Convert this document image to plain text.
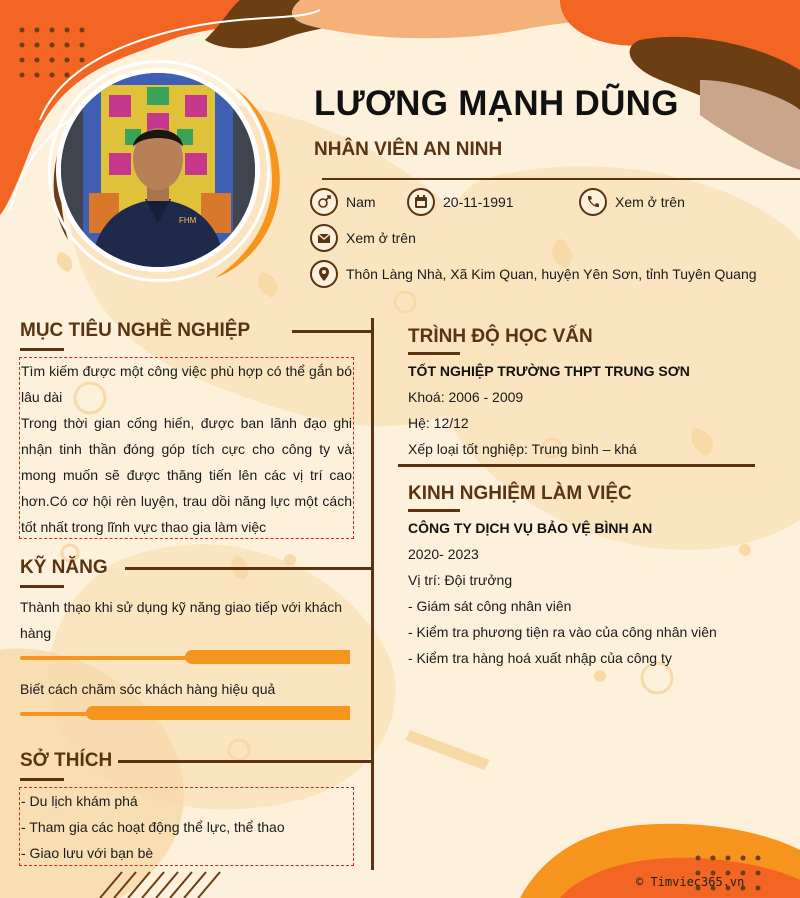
FHM
LƯƠNG MẠNH DŨNG
NHÂN VIÊN AN NINH
Nam	20-11-1991	Xem ở trên
Xem ở trên
Thôn Làng Nhà, Xã Kim Quan, huyện Yên Sơn, tỉnh Tuyên Quang
MỤC TIÊU NGHỀ NGHIỆP
Tìm kiếm được một công việc phù hợp có thể gắn bó lâu dài
Trong thời gian cống hiến, được ban lãnh đạo ghi nhận tinh thần đóng góp tích cực cho công ty và mong muốn sẽ được thăng tiến lên các vị trí cao hơn.Có cơ hội rèn luyện, trau dồi năng lực một cách tốt nhất trong lĩnh vực thao gia làm việc
KỸ NĂNG
Thành thạo khi sử dụng kỹ năng giao tiếp với khách hàng
Biết cách chăm sóc khách hàng hiệu quả
SỞ THÍCH
- Du lịch khám phá
- Tham gia các hoạt động thể lực, thể thao
- Giao lưu với bạn bè
TRÌNH ĐỘ HỌC VẤN
TỐT NGHIỆP TRƯỜNG THPT TRUNG SƠN
Khoá: 2006 - 2009
Hệ: 12/12
Xếp loại tốt nghiệp: Trung bình – khá
KINH NGHIỆM LÀM VIỆC
CÔNG TY DỊCH VỤ BẢO VỆ BÌNH AN
2020- 2023
Vị trí: Đội trưởng
- Giám sát công nhân viên
- Kiểm tra phương tiện ra vào của công nhân viên
- Kiểm tra hàng hoá xuất nhập của công ty
© Timviec365.vn
